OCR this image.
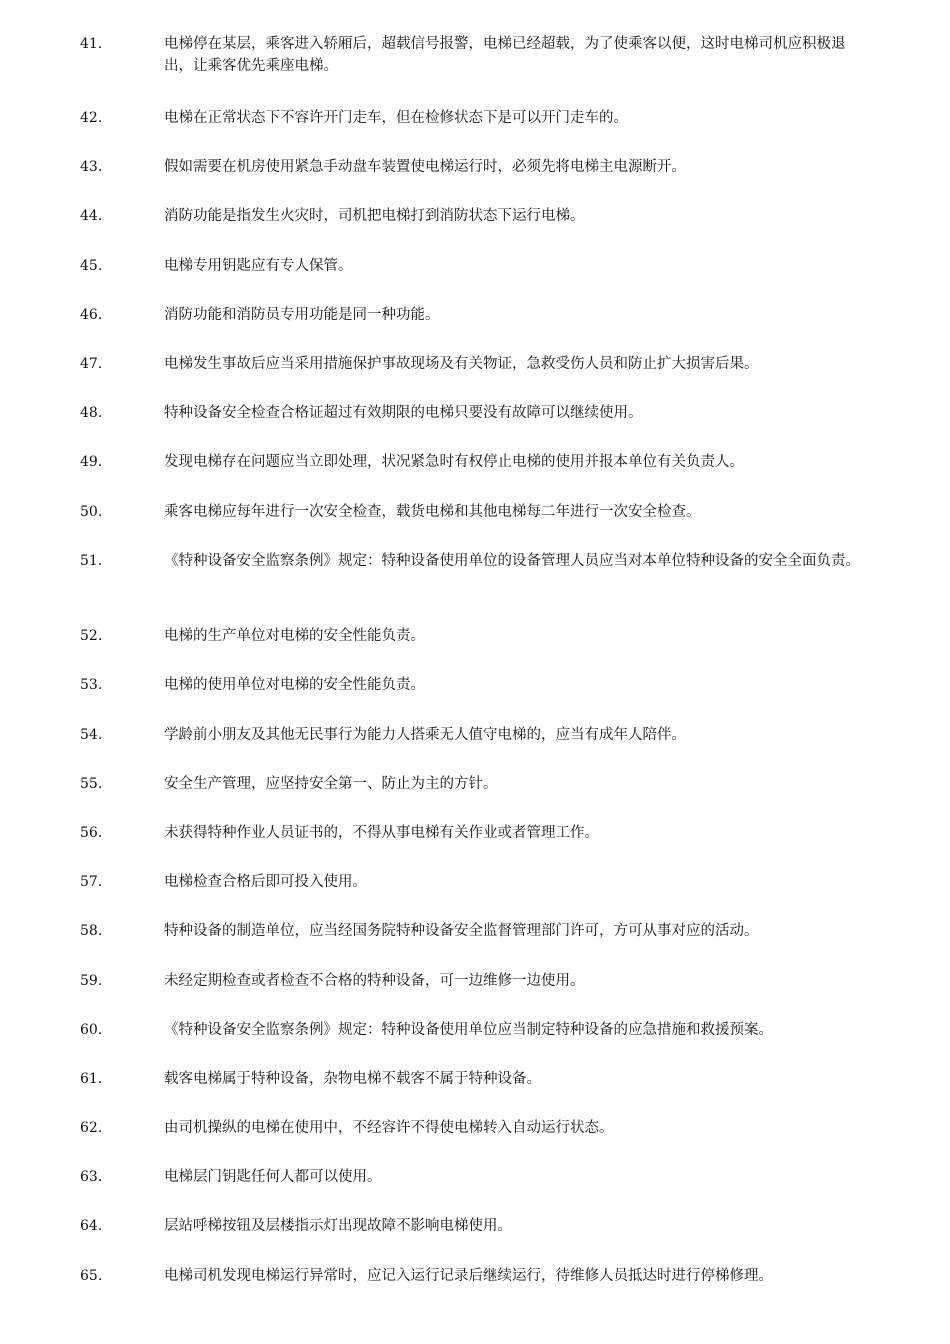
41.	电梯停在某层，乘客进入轿厢后，超载信号报警，电梯已经超载，为了使乘客以便，这时电梯司机应积极退出，让乘客优先乘座电梯。
42.	电梯在正常状态下不容许开门走车，但在检修状态下是可以开门走车的。
43.	假如需要在机房使用紧急手动盘车装置使电梯运行时，必须先将电梯主电源断开。
44.	消防功能是指发生火灾时，司机把电梯打到消防状态下运行电梯。
45.	电梯专用钥匙应有专人保管。
46.	消防功能和消防员专用功能是同一种功能。
47.	电梯发生事故后应当采用措施保护事故现场及有关物证，急救受伤人员和防止扩大损害后果。
48.	特种设备安全检查合格证超过有效期限的电梯只要没有故障可以继续使用。
49.	发现电梯存在问题应当立即处理，状况紧急时有权停止电梯的使用并报本单位有关负责人。
50.	乘客电梯应每年进行一次安全检查，载货电梯和其他电梯每二年进行一次安全检查。
51.	《特种设备安全监察条例》规定：特种设备使用单位的设备管理人员应当对本单位特种设备的安全全面负责。
52.	电梯的生产单位对电梯的安全性能负责。
53.	电梯的使用单位对电梯的安全性能负责。
54.	学龄前小朋友及其他无民事行为能力人搭乘无人值守电梯的，应当有成年人陪伴。
55.	安全生产管理，应坚持安全第一、防止为主的方针。
56.	未获得特种作业人员证书的，不得从事电梯有关作业或者管理工作。
57.	电梯检查合格后即可投入使用。
58.	特种设备的制造单位，应当经国务院特种设备安全监督管理部门许可，方可从事对应的活动。
59.	未经定期检查或者检查不合格的特种设备，可一边维修一边使用。
60.	《特种设备安全监察条例》规定：特种设备使用单位应当制定特种设备的应急措施和救援预案。
61.	载客电梯属于特种设备，杂物电梯不载客不属于特种设备。
62.	由司机操纵的电梯在使用中，不经容许不得使电梯转入自动运行状态。
63.	电梯层门钥匙任何人都可以使用。
64.	层站呼梯按钮及层楼指示灯出现故障不影响电梯使用。
65.	电梯司机发现电梯运行异常时，应记入运行记录后继续运行，待维修人员抵达时进行停梯修理。
